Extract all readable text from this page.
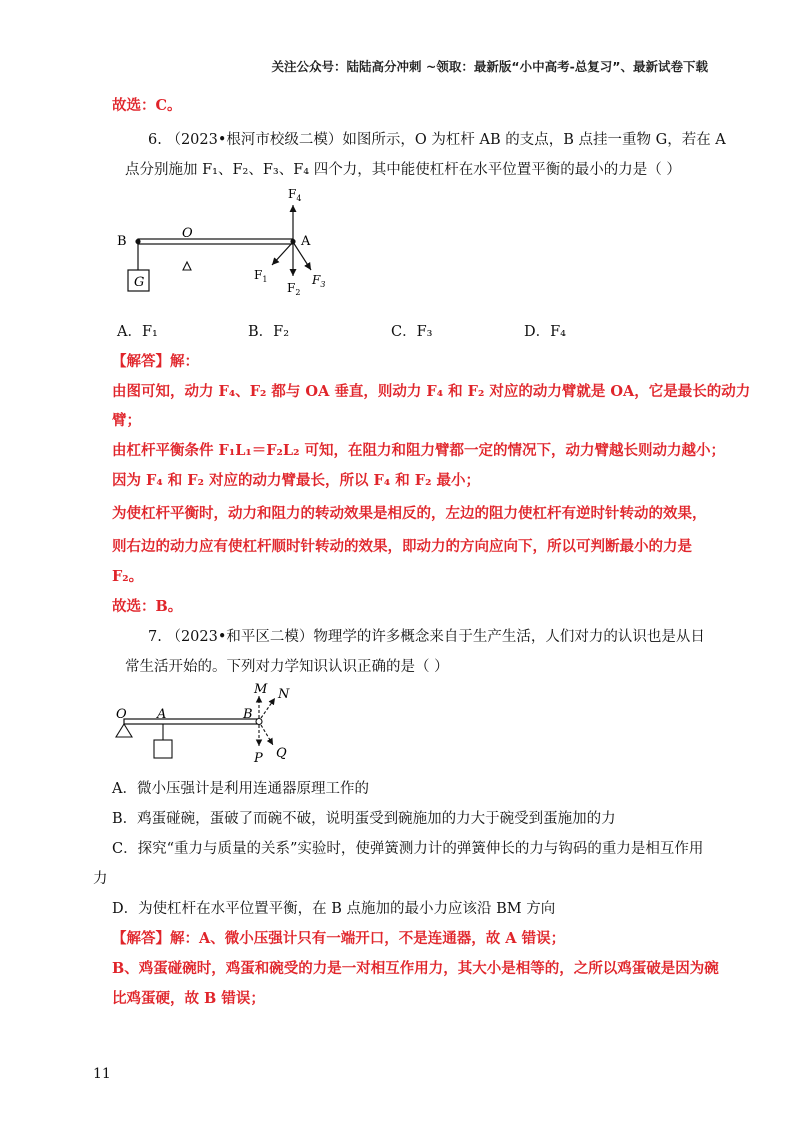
关注公众号：陆陆高分冲刺 ~领取：最新版“小中高考-总复习”、最新试卷下载
故选：C。
6. （2023•根河市校级二模）如图所示，O 为杠杆 AB 的支点，B 点挂一重物 G，若在 A
点分别施加 F₁、F₂、F₃、F₄ 四个力，其中能使杠杆在水平位置平衡的最小的力是（ ）
G
B
O
A
$F_4$
$F_1$
$F_2$
$F_3$
A．F₁	B．F₂	C．F₃	D．F₄
【解答】解：
由图可知，动力 F₄、F₂ 都与 OA 垂直，则动力 F₄ 和 F₂ 对应的动力臂就是 OA，它是最长的动力
臂；
由杠杆平衡条件 F₁L₁＝F₂L₂ 可知，在阻力和阻力臂都一定的情况下，动力臂越长则动力越小；
因为 F₄ 和 F₂ 对应的动力臂最长，所以 F₄ 和 F₂ 最小；
为使杠杆平衡时，动力和阻力的转动效果是相反的，左边的阻力使杠杆有逆时针转动的效果，
则右边的动力应有使杠杆顺时针转动的效果，即动力的方向应向下，所以可判断最小的力是
F₂。
故选：B。
7. （2023•和平区二模）物理学的许多概念来自于生产生活，人们对力的认识也是从日
常生活开始的。下列对力学知识认识正确的是（ ）
O A	B
M N
P Q
A．微小压强计是利用连通器原理工作的
B．鸡蛋碰碗，蛋破了而碗不破，说明蛋受到碗施加的力大于碗受到蛋施加的力
C．探究“重力与质量的关系”实验时，使弹簧测力计的弹簧伸长的力与钩码的重力是相互作用
力
D．为使杠杆在水平位置平衡，在 B 点施加的最小力应该沿 BM 方向
【解答】解：A、微小压强计只有一端开口，不是连通器，故 A 错误；
B、鸡蛋碰碗时，鸡蛋和碗受的力是一对相互作用力，其大小是相等的，之所以鸡蛋破是因为碗
比鸡蛋硬，故 B 错误；
11
